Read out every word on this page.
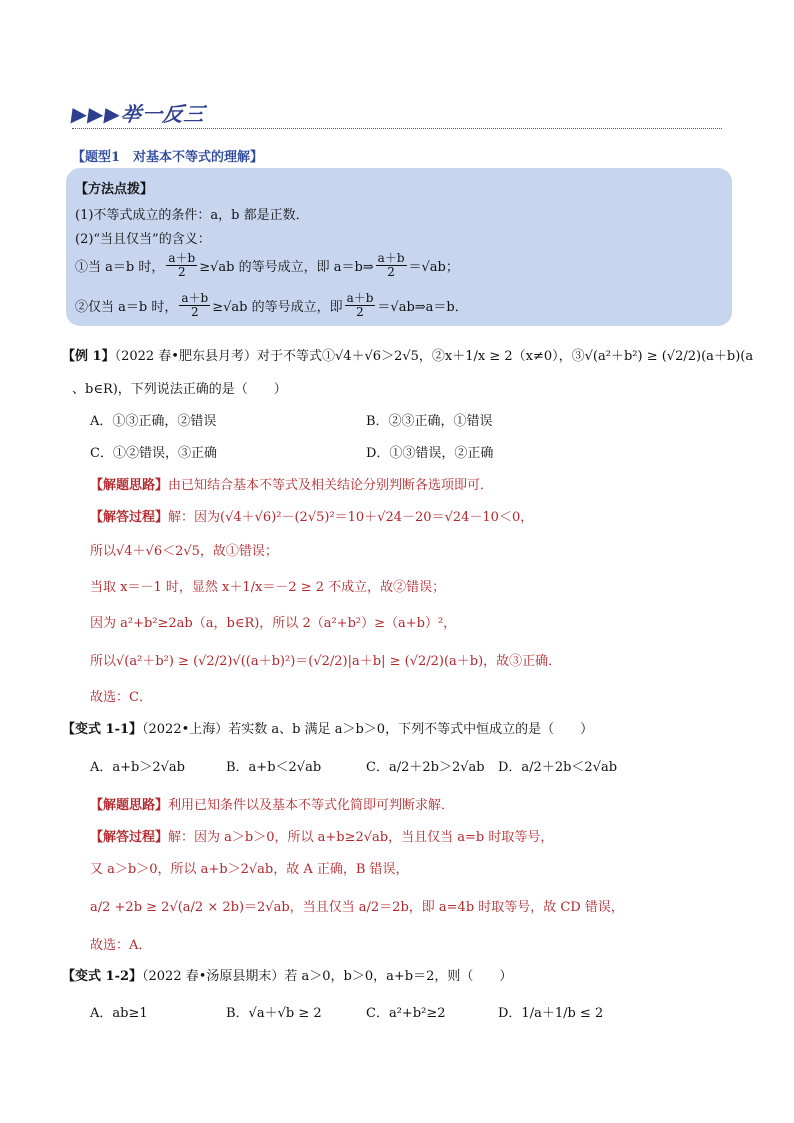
▶▶▶举一反三
【题型1　对基本不等式的理解】
【方法点拨】
(1)不等式成立的条件：a，b 都是正数．
(2)“当且仅当”的含义：
①当 a＝b 时， $\frac{a+b}{2} \ge√ab$ 的等号成立，即 a＝b⇒ $\frac{a+b}{2} =√ab$；
②仅当 a＝b 时， $\frac{a+b}{2} \ge√ab$ 的等号成立，即 $\frac{a+b}{2}$ ＝√ab⇒a＝b．
【例 1】（2022 春•肥东县月考）对于不等式①√4＋√6＞2√5，②x＋1/x ≥ 2（x≠0），③√(a²＋b²) ≥ (√2/2)(a＋b)(a
、b∈R)，下列说法正确的是（　　）
A．①③正确，②错误	B．②③正确，①错误
C．①②错误，③正确	D．①③错误，②正确
【解题思路】由已知结合基本不等式及相关结论分别判断各选项即可．
【解答过程】解：因为(√4＋√6)²－(2√5)²＝10＋√24－20＝√24－10＜0，
所以√4＋√6＜2√5，故①错误；
当取 x＝－1 时，显然 x＋1/x＝－2 ≥ 2 不成立，故②错误；
因为 a²+b²≥2ab（a，b∈R)，所以 2（a²+b²）≥（a+b）²，
所以√(a²＋b²) ≥ (√2/2)√((a＋b)²)＝(√2/2)|a＋b| ≥ (√2/2)(a＋b)，故③正确．
故选：C．
【变式 1-1】（2022•上海）若实数 a、b 满足 a＞b＞0，下列不等式中恒成立的是（　　）
A．a+b＞2√ab	B．a+b＜2√ab	C．a/2＋2b＞2√ab D．a/2＋2b＜2√ab
【解题思路】利用已知条件以及基本不等式化简即可判断求解．
【解答过程】解：因为 a＞b＞0，所以 a+b≥2√ab，当且仅当 a=b 时取等号，
又 a＞b＞0，所以 a+b＞2√ab，故 A 正确，B 错误，
a/2 +2b ≥ 2√(a/2 × 2b)＝2√ab，当且仅当 a/2＝2b，即 a=4b 时取等号，故 CD 错误，
故选：A．
【变式 1-2】（2022 春•汤原县期末）若 a＞0，b＞0，a+b＝2，则（　　）
A．ab≥1	B．√a＋√b ≥ 2	C．a²+b²≥2	D．1/a＋1/b ≤ 2
